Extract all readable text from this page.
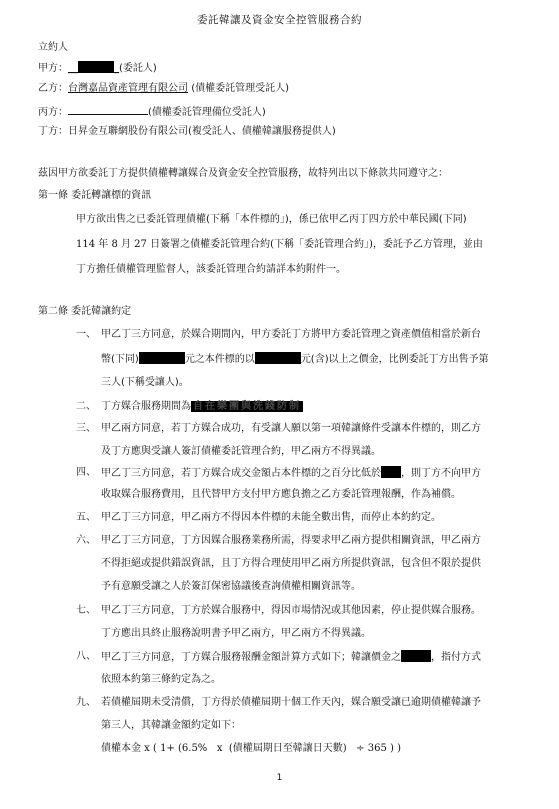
委託韓讓及資金安全控管服務合約
立約人
甲方：__	_(委託人)
乙方：台灣嘉品資產管理有限公司 (債權委託管理受託人)
丙方：	(債權委託管理備位受託人)
丁方：日昇金互聯網股份有限公司(複受託人、債權韓讓服務提供人)
茲因甲方欲委託丁方提供債權轉讓媒合及資金安全控管服務，故特列出以下條款共同遵守之：
第一條 委託轉讓標的資訊
甲方欲出售之已委託管理債權(下稱「本件標的」)，係已依甲乙丙丁四方於中華民國(下同)
114 年 8 月 27 日簽署之債權委託管理合約(下稱「委託管理合約」)，委託予乙方管理，並由
丁方擔任債權管理監督人，該委託管理合約請詳本約附件一。
第二條 委託韓讓約定
一、 甲乙丁三方同意，於媒合期間內，甲方委託丁方將甲方委託管理之資產價值相當於新台
幣(下同)	元之本件標的以	元(含)以上之價金，比例委託丁方出售予第
三人(下稱受讓人)。
二、 丁方媒合服務期間為 自在樂團與洗錢防制
三、 甲乙兩方同意，若丁方媒合成功，有受讓人願以第一項韓讓條件受讓本件標的，則乙方
及丁方應與受讓人簽訂債權委託管理合約，甲乙兩方不得異議。
四、 甲乙丁三方同意，若丁方媒合成交金額占本件標的之百分比低於 ，則丁方不向甲方
收取媒合服務費用，且代替甲方支付甲方應負擔之乙方委託管理報酬，作為補償。
五、 甲乙丁三方同意，甲乙兩方不得因本件標的未能全數出售，而停止本約約定。
六、 甲乙丁三方同意，丁方因媒合服務業務所需，得要求甲乙兩方提供相關資訊，甲乙兩方
不得拒絕或提供錯誤資訊，且丁方得合理使用甲乙兩方所提供資訊，包含但不限於提供
予有意願受讓之人於簽訂保密協議後查詢債權相關資訊等。
七、 甲乙丁三方同意，丁方於媒合服務中，得因市場情況或其他因素，停止提供媒合服務。
丁方應出具終止服務說明書予甲乙兩方，甲乙兩方不得異議。
八、 甲乙丁三方同意，丁方媒合服務報酬金額計算方式如下；韓讓價金之	，指付方式
依照本約第三條約定為之。
九、 若債權屆期未受清償，丁方得於債權屆期十個工作天內，媒合願受讓已逾期債權韓讓予
第三人，其韓讓金額約定如下：
債權本金 x ( 1+ (6.5%   x  (債權屆期日至韓讓日天數)   ÷ 365 ) )
1
